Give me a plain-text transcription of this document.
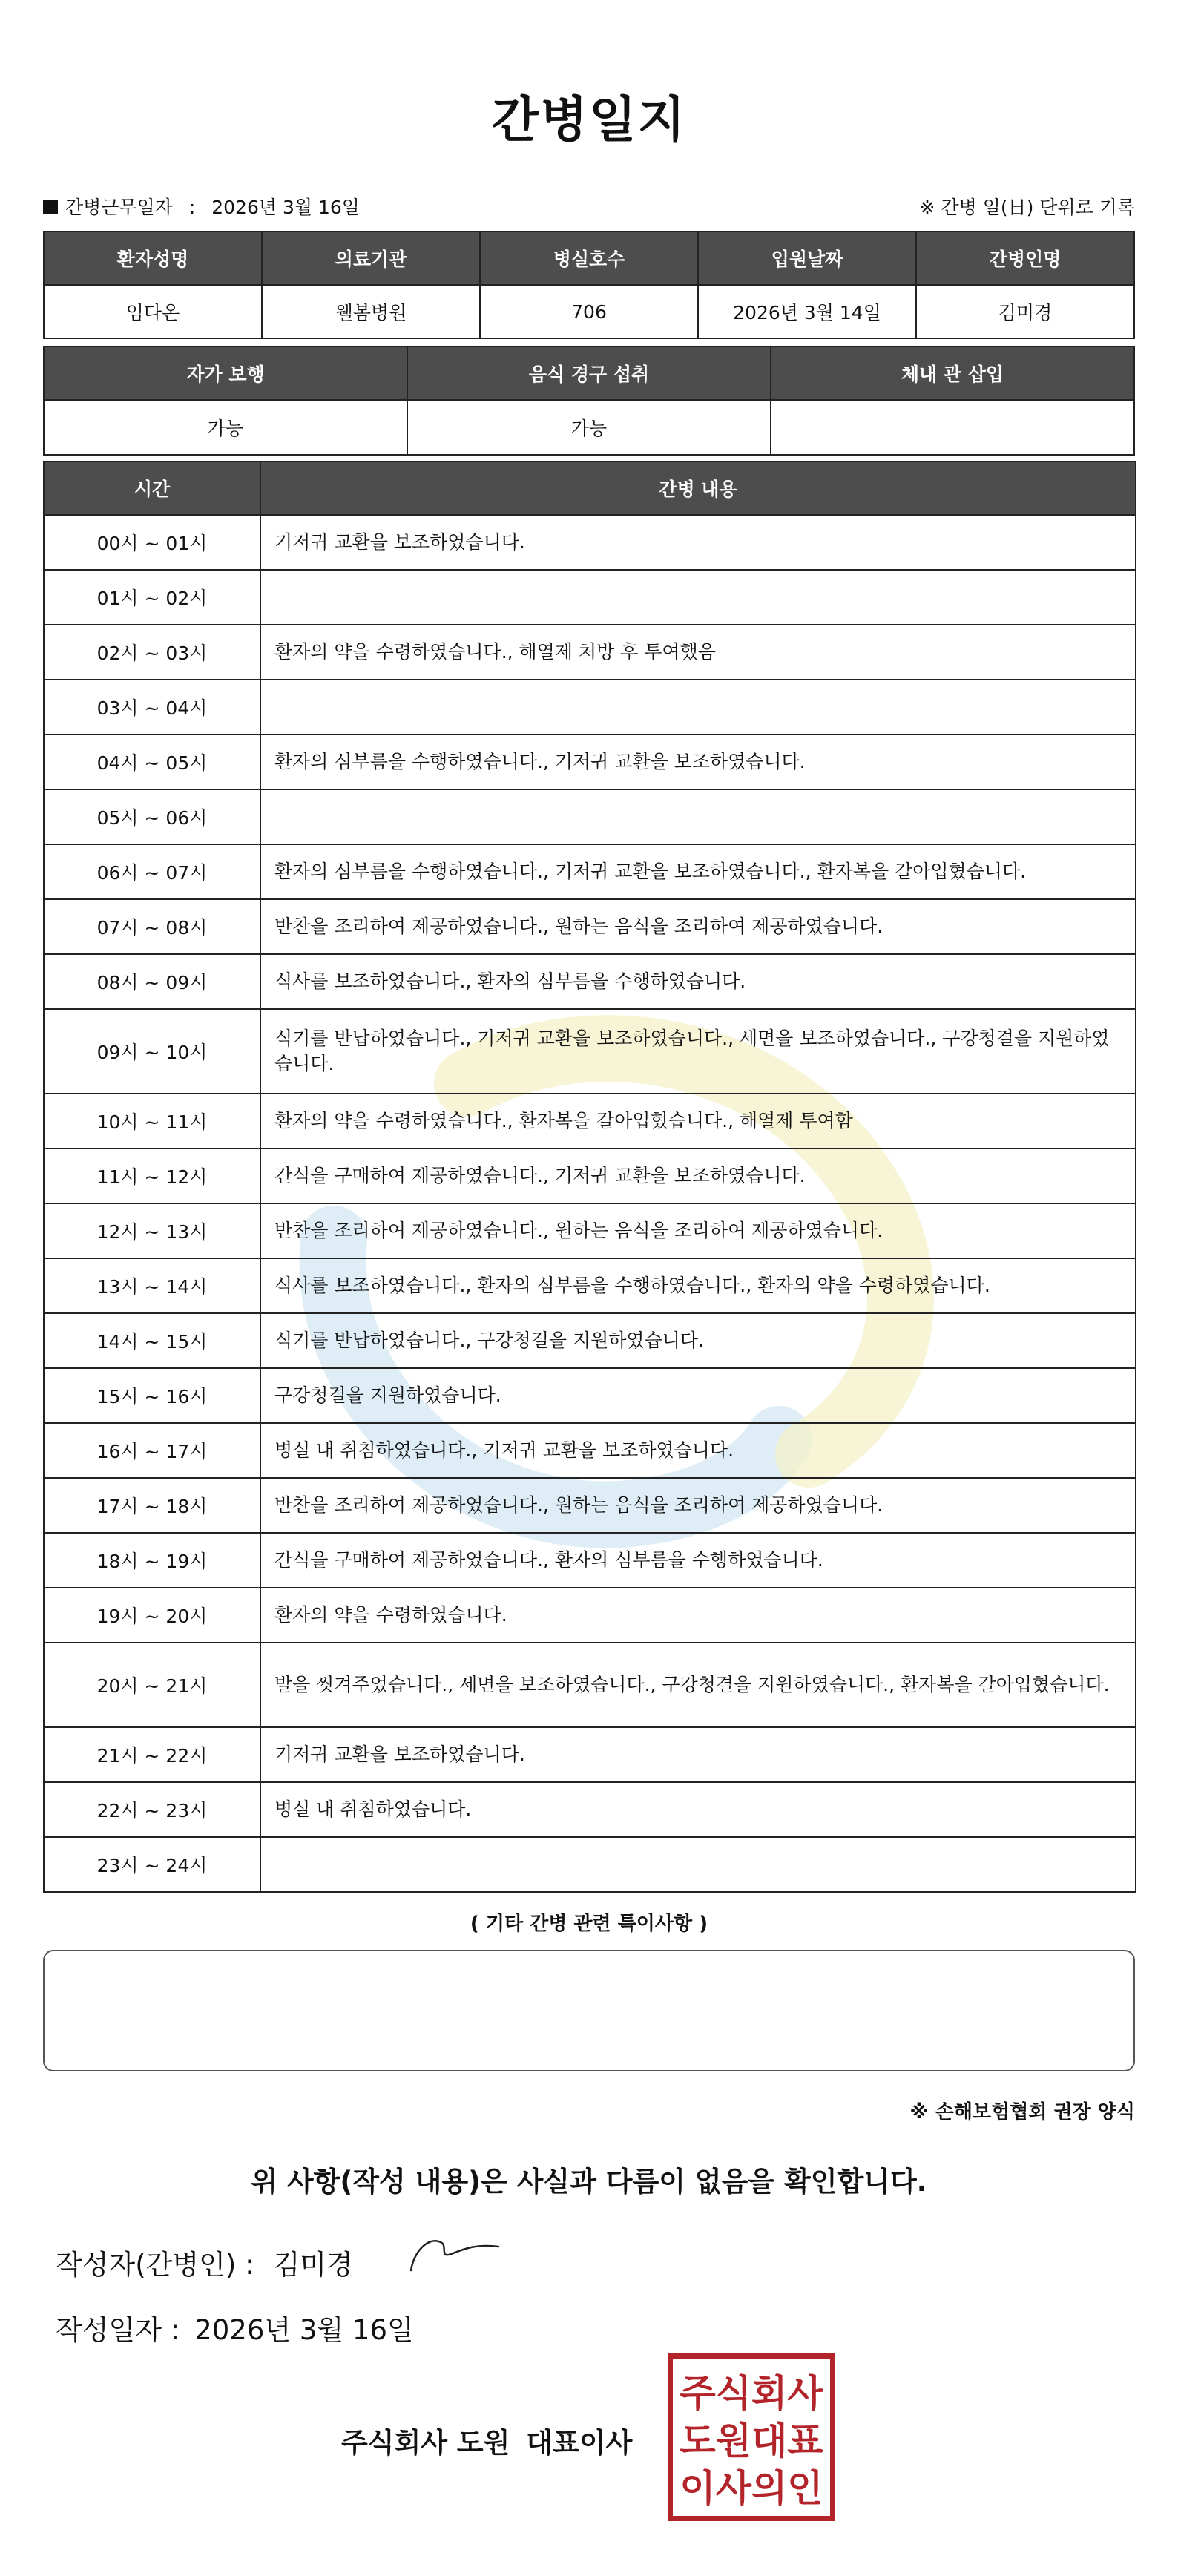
간병일지
간병근무일자 : 2026년 3월 16일	※ 간병 일(日) 단위로 기록
환자성명	의료기관	병실호수	입원날짜	간병인명
임다온	웰봄병원	706	2026년 3월 14일	김미경
자가 보행	음식 경구 섭취	체내 관 삽입
가능	가능	
시간	간병 내용
00시 ~ 01시	기저귀 교환을 보조하였습니다.
01시 ~ 02시	
02시 ~ 03시	환자의 약을 수령하였습니다., 해열제 처방 후 투여했음
03시 ~ 04시	
04시 ~ 05시	환자의 심부름을 수행하였습니다., 기저귀 교환을 보조하였습니다.
05시 ~ 06시	
06시 ~ 07시	환자의 심부름을 수행하였습니다., 기저귀 교환을 보조하였습니다., 환자복을 갈아입혔습니다.
07시 ~ 08시	반찬을 조리하여 제공하였습니다., 원하는 음식을 조리하여 제공하였습니다.
08시 ~ 09시	식사를 보조하였습니다., 환자의 심부름을 수행하였습니다.
09시 ~ 10시	식기를 반납하였습니다., 기저귀 교환을 보조하였습니다., 세면을 보조하였습니다., 구강청결을 지원하였습니다.
10시 ~ 11시	환자의 약을 수령하였습니다., 환자복을 갈아입혔습니다., 해열제 투여함
11시 ~ 12시	간식을 구매하여 제공하였습니다., 기저귀 교환을 보조하였습니다.
12시 ~ 13시	반찬을 조리하여 제공하였습니다., 원하는 음식을 조리하여 제공하였습니다.
13시 ~ 14시	식사를 보조하였습니다., 환자의 심부름을 수행하였습니다., 환자의 약을 수령하였습니다.
14시 ~ 15시	식기를 반납하였습니다., 구강청결을 지원하였습니다.
15시 ~ 16시	구강청결을 지원하였습니다.
16시 ~ 17시	병실 내 취침하였습니다., 기저귀 교환을 보조하였습니다.
17시 ~ 18시	반찬을 조리하여 제공하였습니다., 원하는 음식을 조리하여 제공하였습니다.
18시 ~ 19시	간식을 구매하여 제공하였습니다., 환자의 심부름을 수행하였습니다.
19시 ~ 20시	환자의 약을 수령하였습니다.
20시 ~ 21시	발을 씻겨주었습니다., 세면을 보조하였습니다., 구강청결을 지원하였습니다., 환자복을 갈아입혔습니다.
21시 ~ 22시	기저귀 교환을 보조하였습니다.
22시 ~ 23시	병실 내 취침하였습니다.
23시 ~ 24시	
( 기타 간병 관련 특이사항 )
※ 손해보험협회 권장 양식
위 사항(작성 내용)은 사실과 다름이 없음을 확인합니다.
작성자(간병인) : 김미경
작성일자 : 2026년 3월 16일
주식회사 도원 대표이사
주식회사
도원대표
이사의인
